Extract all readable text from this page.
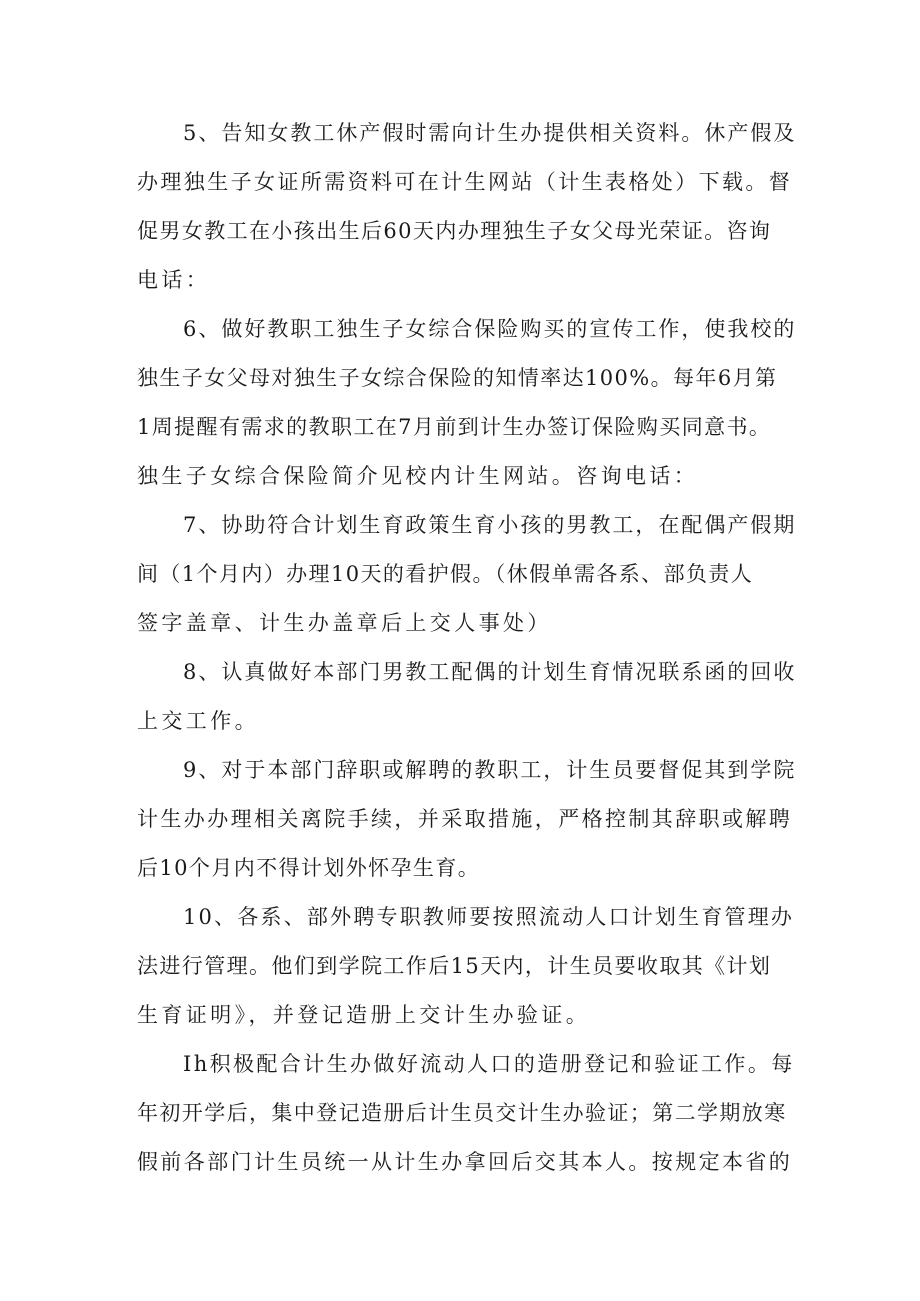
5、告知女教工休产假时需向计生办提供相关资料。休产假及
办理独生子女证所需资料可在计生网站（计生表格处）下载。督
促男女教工在小孩出生后60天内办理独生子女父母光荣证。咨询
电话：
6、做好教职工独生子女综合保险购买的宣传工作，使我校的
独生子女父母对独生子女综合保险的知情率达100%。每年6月第
1周提醒有需求的教职工在7月前到计生办签订保险购买同意书。
独生子女综合保险简介见校内计生网站。咨询电话：
7、协助符合计划生育政策生育小孩的男教工，在配偶产假期
间（1个月内）办理10天的看护假。（休假单需各系、部负责人
签字盖章、计生办盖章后上交人事处）
8、认真做好本部门男教工配偶的计划生育情况联系函的回收
上交工作。
9、对于本部门辞职或解聘的教职工，计生员要督促其到学院
计生办办理相关离院手续，并采取措施，严格控制其辞职或解聘
后10个月内不得计划外怀孕生育。
10、各系、部外聘专职教师要按照流动人口计划生育管理办
法进行管理。他们到学院工作后15天内，计生员要收取其《计划
生育证明》，并登记造册上交计生办验证。
Ih积极配合计生办做好流动人口的造册登记和验证工作。每
年初开学后，集中登记造册后计生员交计生办验证；第二学期放寒
假前各部门计生员统一从计生办拿回后交其本人。按规定本省的
